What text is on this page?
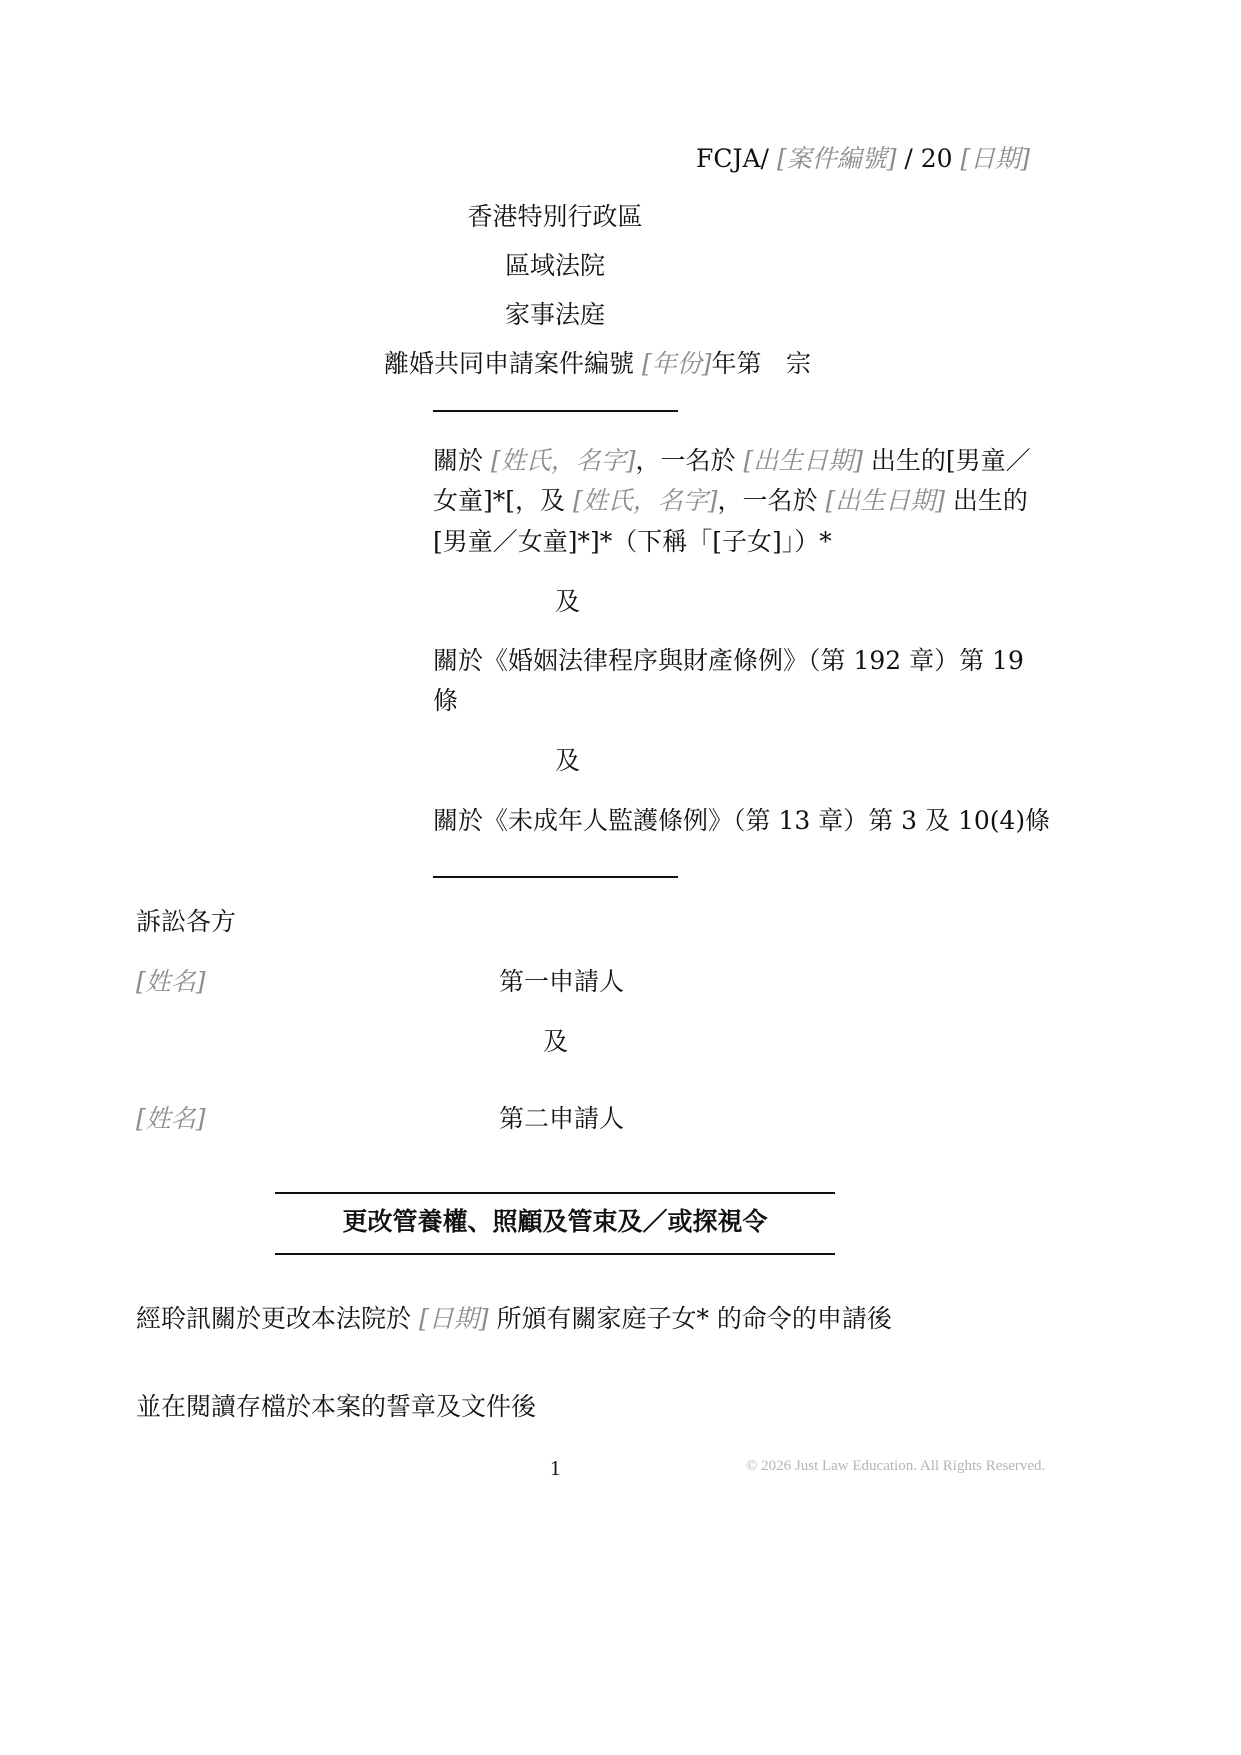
FCJA/ [案件編號] / 20 [日期]
香港特別行政區
區域法院
家事法庭
離婚共同申請案件編號 [年份]年第 宗
關於 [姓氏，名字]，一名於 [出生日期] 出生的[男童／
女童]*[，及 [姓氏，名字]，一名於 [出生日期] 出生的
[男童／女童]*]*（下稱「[子女]」）*
及
關於《婚姻法律程序與財產條例》（第 192 章）第 19
條
及
關於《未成年人監護條例》（第 13 章）第 3 及 10(4)條
訴訟各方
[姓名]	第一申請人
及
[姓名]	第二申請人
更改管養權、照顧及管束及／或探視令
經聆訊關於更改本法院於 [日期] 所頒有關家庭子女* 的命令的申請後
並在閱讀存檔於本案的誓章及文件後
1	© 2026 Just Law Education. All Rights Reserved.
